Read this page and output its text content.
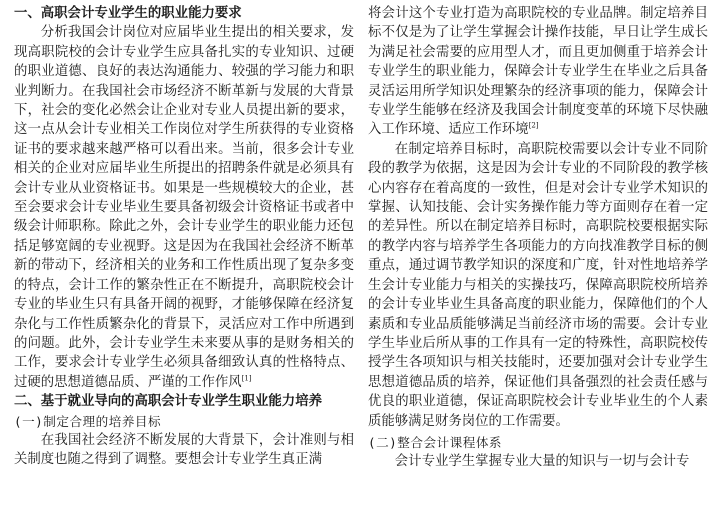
一、高职会计专业学生的职业能力要求

分析我国会计岗位对应届毕业生提出的相关要求，发现高职院校的会计专业学生应具备扎实的专业知识、过硬的职业道德、良好的表达沟通能力、较强的学习能力和职业判断力。在我国社会市场经济不断革新与发展的大背景下，社会的变化必然会让企业对专业人员提出新的要求，这一点从会计专业相关工作岗位对学生所获得的专业资格证书的要求越来越严格可以看出来。当前，很多会计专业相关的企业对应届毕业生所提出的招聘条件就是必须具有会计专业从业资格证书。如果是一些规模较大的企业，甚至会要求会计专业毕业生要具备初级会计资格证书或者中级会计师职称。除此之外，会计专业学生的职业能力还包括足够宽阔的专业视野。这是因为在我国社会经济不断革新的带动下，经济相关的业务和工作性质出现了复杂多变的特点，会计工作的繁杂性正在不断提升，高职院校会计专业的毕业生只有具备开阔的视野，才能够保障在经济复杂化与工作性质繁杂化的背景下，灵活应对工作中所遇到的问题。此外，会计专业学生未来要从事的是财务相关的工作，要求会计专业学生必须具备细致认真的性格特点、过硬的思想道德品质、严谨的工作作风[1]

二、基于就业导向的高职会计专业学生职业能力培养
(一)制定合理的培养目标

在我国社会经济不断发展的大背景下，会计准则与相关制度也随之得到了调整。要想会计专业学生真正满

将会计这个专业打造为高职院校的专业品牌。制定培养目标不仅是为了让学生掌握会计操作技能，早日让学生成长为满足社会需要的应用型人才，而且更加侧重于培养会计专业学生的职业能力，保障会计专业学生在毕业之后具备灵活运用所学知识处理繁杂的经济事项的能力，保障会计专业学生能够在经济及我国会计制度变革的环境下尽快融入工作环境、适应工作环境[2]

在制定培养目标时，高职院校需要以会计专业不同阶段的教学为依据，这是因为会计专业的不同阶段的教学核心内容存在着高度的一致性，但是对会计专业学术知识的掌握、认知技能、会计实务操作能力等方面则存在着一定的差异性。所以在制定培养目标时，高职院校要根据实际的教学内容与培养学生各项能力的方向找准教学目标的侧重点，通过调节教学知识的深度和广度，针对性地培养学生会计专业能力与相关的实操技巧，保障高职院校所培养的会计专业毕业生具备高度的职业能力，保障他们的个人素质和专业品质能够满足当前经济市场的需要。会计专业学生毕业后所从事的工作具有一定的特殊性，高职院校传授学生各项知识与相关技能时，还要加强对会计专业学生思想道德品质的培养，保证他们具备强烈的社会责任感与优良的职业道德，保证高职院校会计专业毕业生的个人素质能够满足财务岗位的工作需要。

(二)整合会计课程体系

会计专业学生掌握专业大量的知识与一切与会计专
